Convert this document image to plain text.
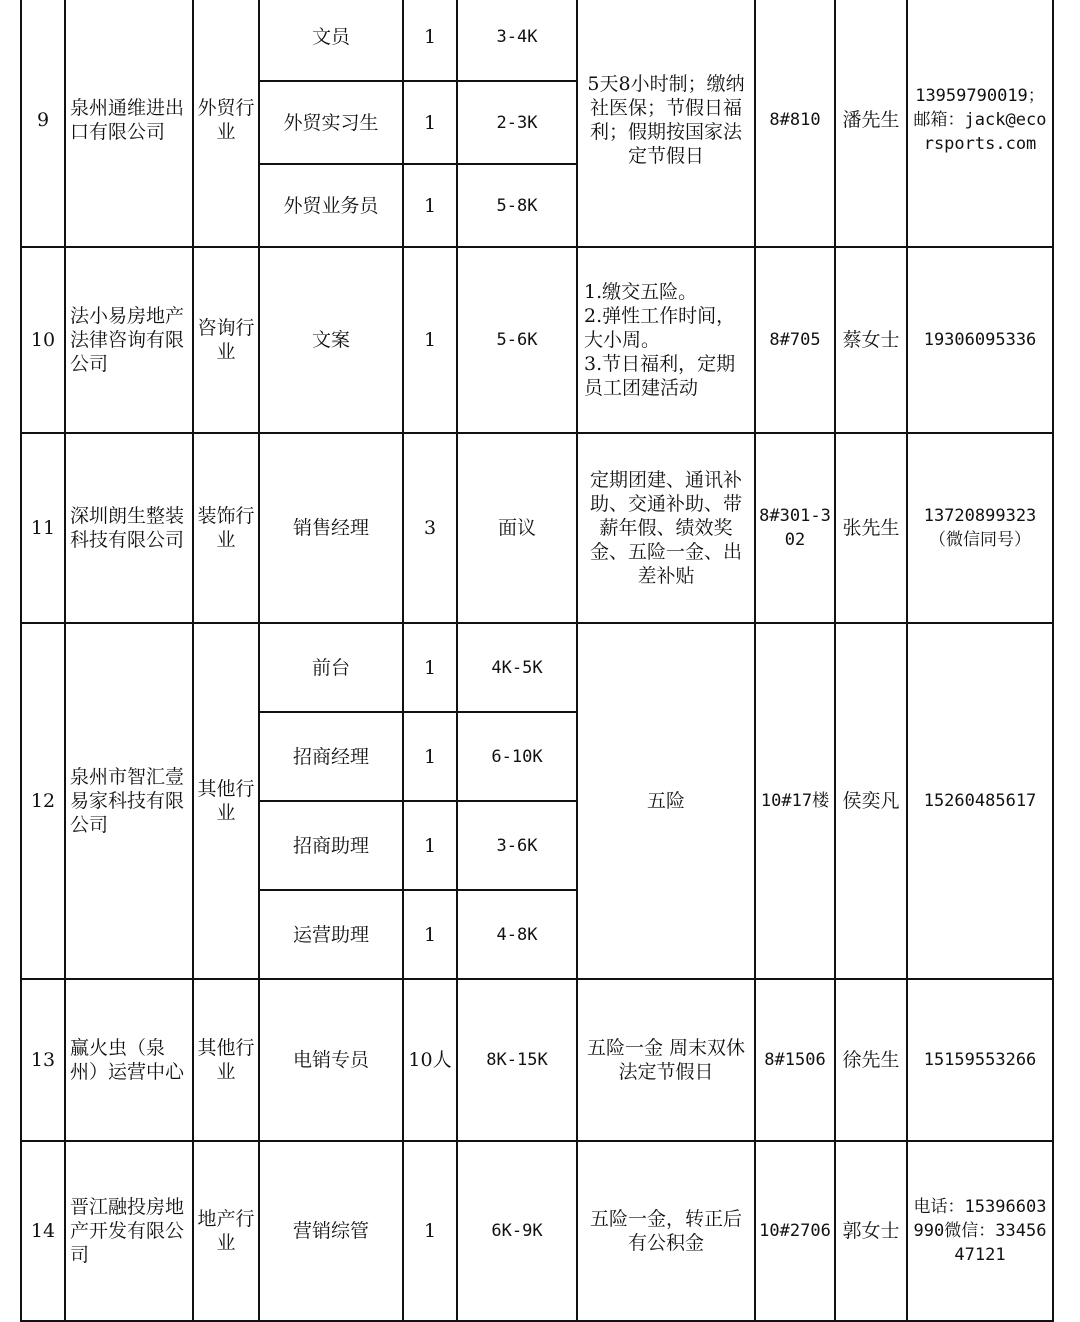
9	泉州通维进出口有限公司	外贸行业	文员	1	3-4K	5天8小时制；缴纳社医保；节假日福利；假期按国家法定节假日	8#810	潘先生	13959790019；邮箱：jack@ecorsports.com
			外贸实习生	1	2-3K				
			外贸业务员	1	5-8K				
10	法小易房地产法律咨询有限公司	咨询行业	文案	1	5-6K	1.缴交五险。
2.弹性工作时间，大小周。
3.节日福利，定期员工团建活动	8#705	蔡女士	19306095336
11	深圳朗生整装科技有限公司	装饰行业	销售经理	3	面议	定期团建、通讯补助、交通补助、带薪年假、绩效奖金、五险一金、出差补贴	8#301-302	张先生	13720899323（微信同号）
12	泉州市智汇壹易家科技有限公司	其他行业	前台	1	4K-5K	五险	10#17楼	侯奕凡	15260485617
			招商经理	1	6-10K				
			招商助理	1	3-6K				
			运营助理	1	4-8K				
13	赢火虫（泉州）运营中心	其他行业	电销专员	10人	8K-15K	五险一金 周末双休法定节假日	8#1506	徐先生	15159553266
14	晋江融投房地产开发有限公司	地产行业	营销综管	1	6K-9K	五险一金，转正后有公积金	10#2706	郭女士	电话：15396603990微信：3345647121
